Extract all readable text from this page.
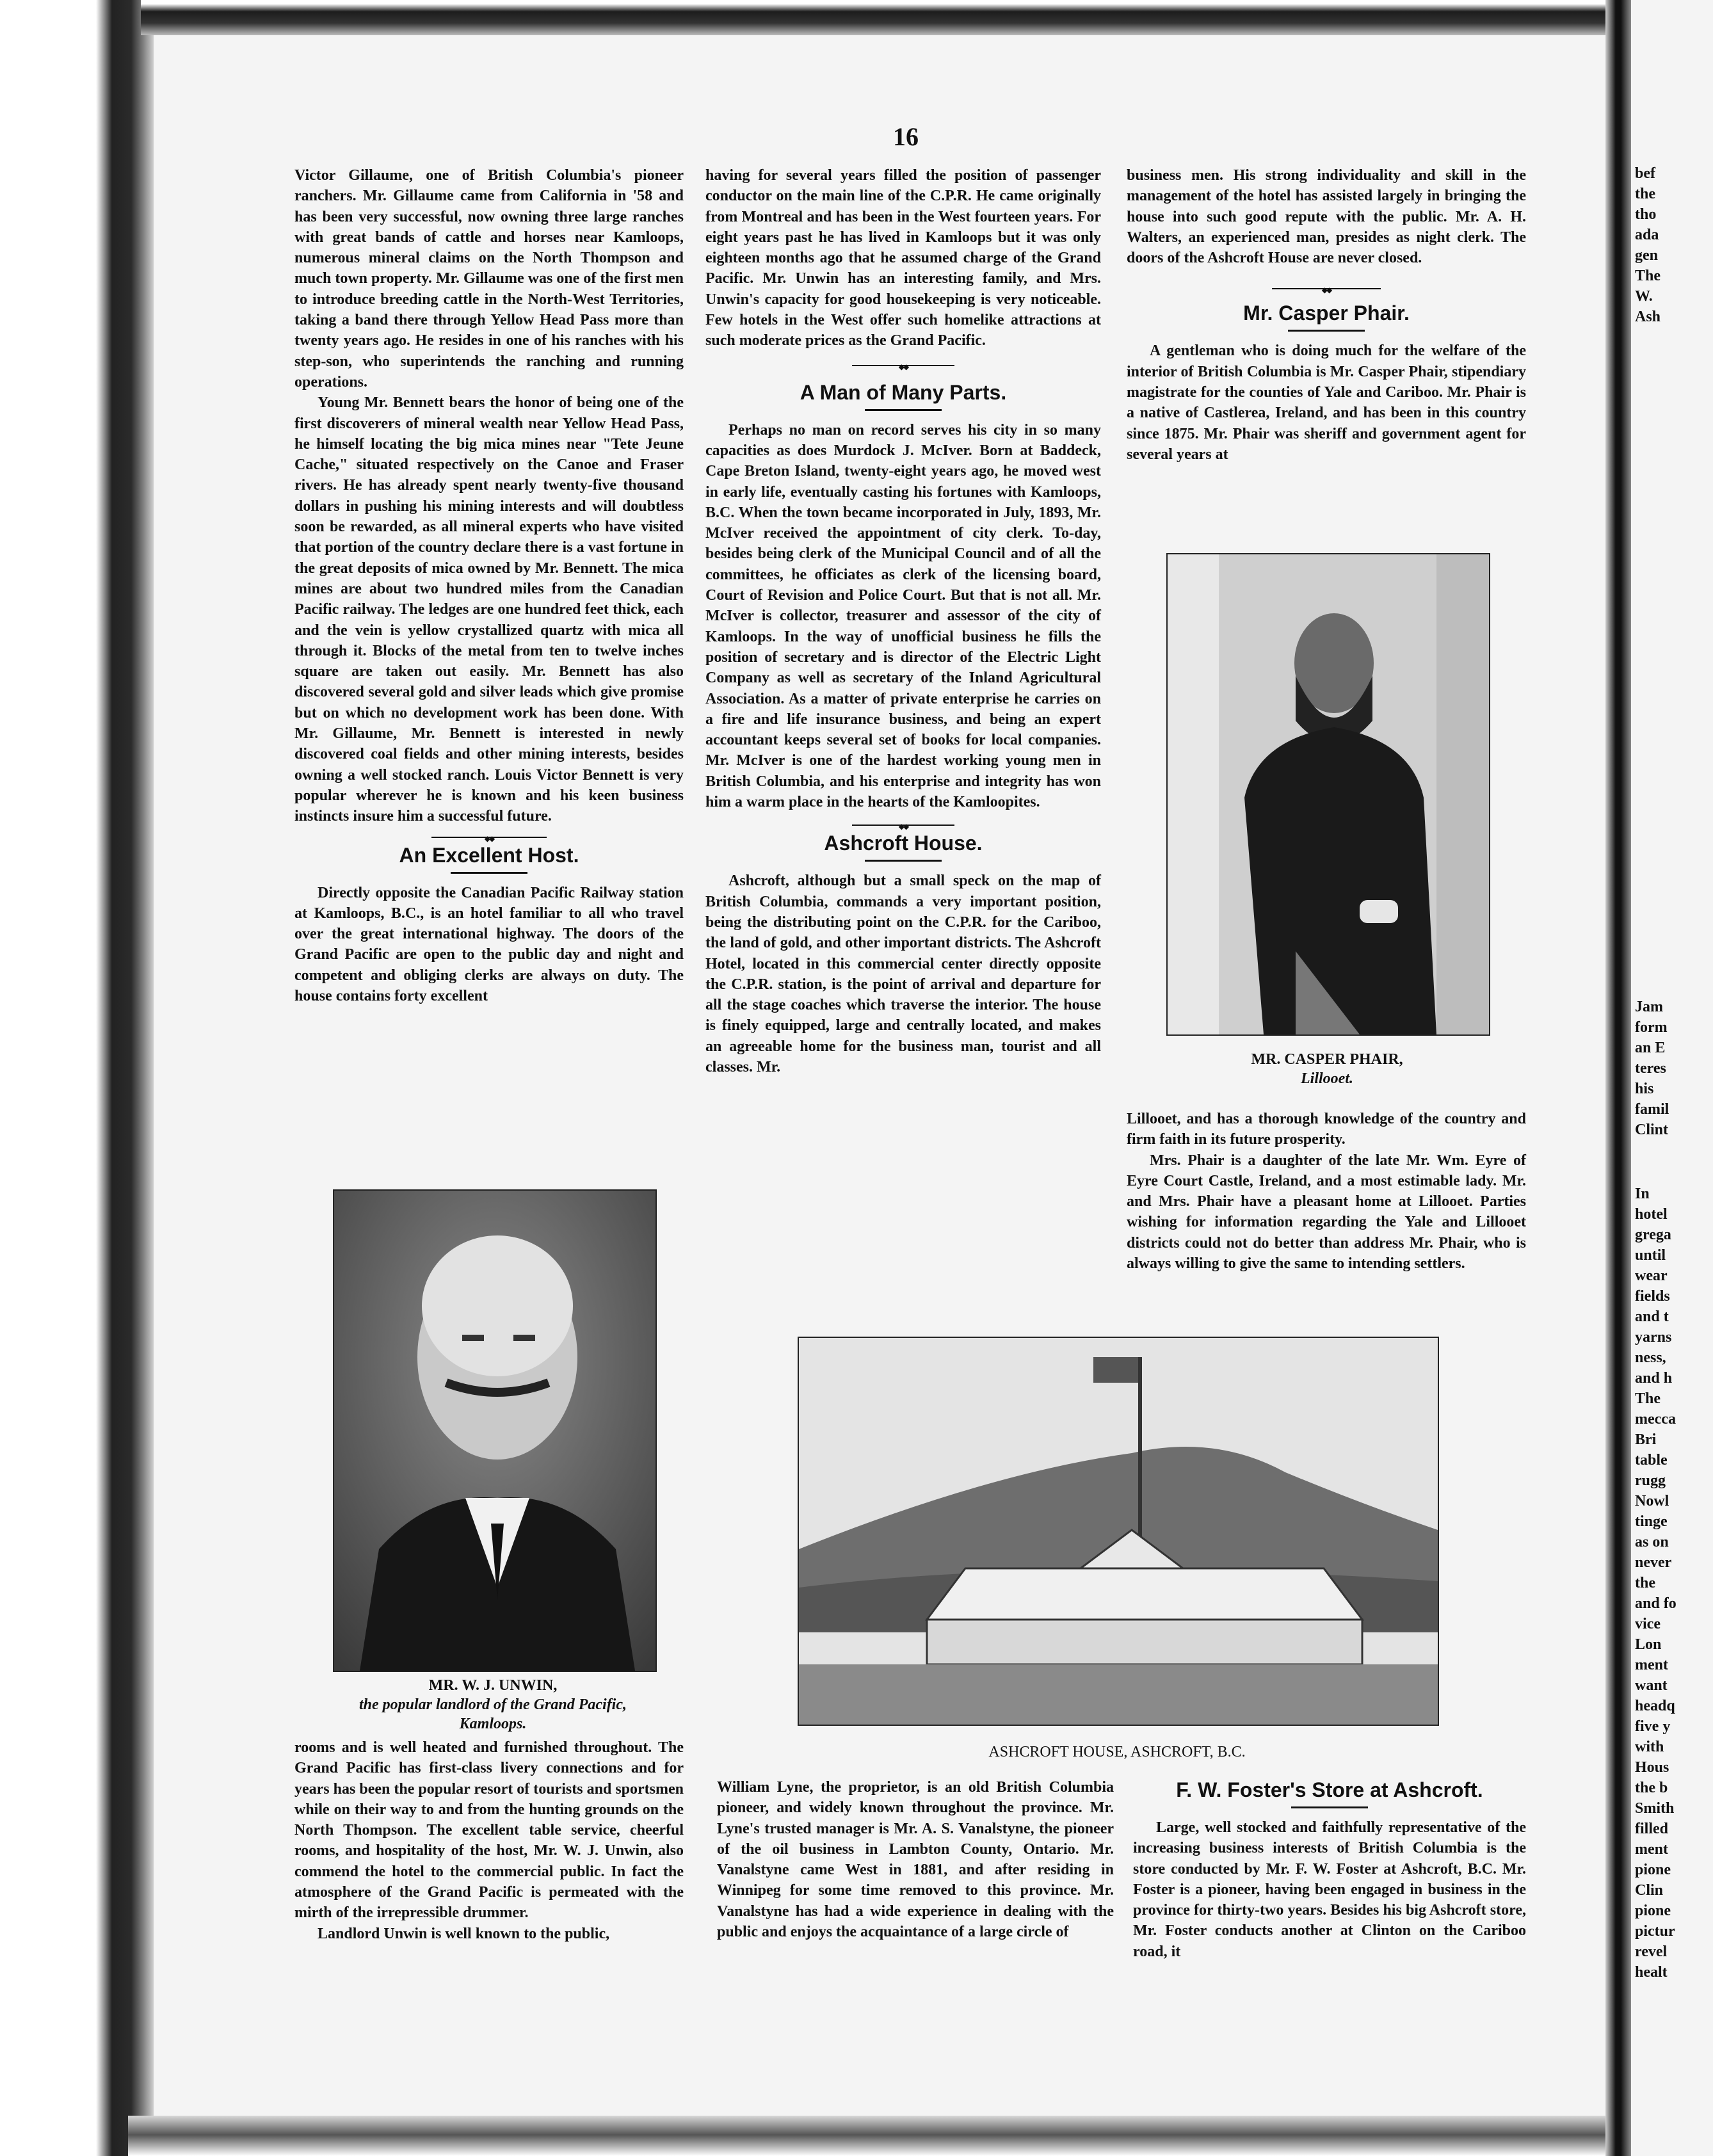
16

Victor Gillaume, one of British Columbia's pioneer ranchers. Mr. Gillaume came from California in '58 and has been very successful, now owning three large ranches with great bands of cattle and horses near Kamloops, numerous mineral claims on the North Thompson and much town property. Mr. Gillaume was one of the first men to introduce breeding cattle in the North-West Territories, taking a band there through Yellow Head Pass more than twenty years ago. He resides in one of his ranches with his step-son, who superintends the ranching and running operations.

Young Mr. Bennett bears the honor of being one of the first discoverers of mineral wealth near Yellow Head Pass, he himself locating the big mica mines near "Tete Jeune Cache," situated respectively on the Canoe and Fraser rivers. He has already spent nearly twenty-five thousand dollars in pushing his mining interests and will doubtless soon be rewarded, as all mineral experts who have visited that portion of the country declare there is a vast fortune in the great deposits of mica owned by Mr. Bennett. The mica mines are about two hundred miles from the Canadian Pacific railway. The ledges are one hundred feet thick, each and the vein is yellow crystallized quartz with mica all through it. Blocks of the metal from ten to twelve inches square are taken out easily. Mr. Bennett has also discovered several gold and silver leads which give promise but on which no development work has been done. With Mr. Gillaume, Mr. Bennett is interested in newly discovered coal fields and other mining interests, besides owning a well stocked ranch. Louis Victor Bennett is very popular wherever he is known and his keen business instincts insure him a successful future.

◆◆
An Excellent Host.

Directly opposite the Canadian Pacific Railway station at Kamloops, B.C., is an hotel familiar to all who travel over the great international highway. The doors of the Grand Pacific are open to the public day and night and competent and obliging clerks are always on duty. The house contains forty excellent

MR. W. J. UNWIN,
the popular landlord of the Grand Pacific,
Kamloops.

rooms and is well heated and furnished throughout. The Grand Pacific has first-class livery connections and for years has been the popular resort of tourists and sportsmen while on their way to and from the hunting grounds on the North Thompson. The excellent table service, cheerful rooms, and hospitality of the host, Mr. W. J. Unwin, also commend the hotel to the commercial public. In fact the atmosphere of the Grand Pacific is permeated with the mirth of the irrepressible drummer.

Landlord Unwin is well known to the public,

having for several years filled the position of passenger conductor on the main line of the C.P.R. He came originally from Montreal and has been in the West fourteen years. For eight years past he has lived in Kamloops but it was only eighteen months ago that he assumed charge of the Grand Pacific. Mr. Unwin has an interesting family, and Mrs. Unwin's capacity for good housekeeping is very noticeable. Few hotels in the West offer such homelike attractions at such moderate prices as the Grand Pacific.

◆◆
A Man of Many Parts.

Perhaps no man on record serves his city in so many capacities as does Murdock J. McIver. Born at Baddeck, Cape Breton Island, twenty-eight years ago, he moved west in early life, eventually casting his fortunes with Kamloops, B.C. When the town became incorporated in July, 1893, Mr. McIver received the appointment of city clerk. To-day, besides being clerk of the Municipal Council and of all the committees, he officiates as clerk of the licensing board, Court of Revision and Police Court. But that is not all. Mr. McIver is collector, treasurer and assessor of the city of Kamloops. In the way of unofficial business he fills the position of secretary and is director of the Electric Light Company as well as secretary of the Inland Agricultural Association. As a matter of private enterprise he carries on a fire and life insurance business, and being an expert accountant keeps several set of books for local companies. Mr. McIver is one of the hardest working young men in British Columbia, and his enterprise and integrity has won him a warm place in the hearts of the Kamloopites.

◆◆
Ashcroft House.

Ashcroft, although but a small speck on the map of British Columbia, commands a very important position, being the distributing point on the C.P.R. for the Cariboo, the land of gold, and other important districts. The Ashcroft Hotel, located in this commercial center directly opposite the C.P.R. station, is the point of arrival and departure for all the stage coaches which traverse the interior. The house is finely equipped, large and centrally located, and makes an agreeable home for the business man, tourist and all classes. Mr.

business men. His strong individuality and skill in the management of the hotel has assisted largely in bringing the house into such good repute with the public. Mr. A. H. Walters, an experienced man, presides as night clerk. The doors of the Ashcroft House are never closed.

◆◆
Mr. Casper Phair.

A gentleman who is doing much for the welfare of the interior of British Columbia is Mr. Casper Phair, stipendiary magistrate for the counties of Yale and Cariboo. Mr. Phair is a native of Castlerea, Ireland, and has been in this country since 1875. Mr. Phair was sheriff and government agent for several years at

MR. CASPER PHAIR,
Lillooet.

Lillooet, and has a thorough knowledge of the country and firm faith in its future prosperity.

Mrs. Phair is a daughter of the late Mr. Wm. Eyre of Eyre Court Castle, Ireland, and a most estimable lady. Mr. and Mrs. Phair have a pleasant home at Lillooet. Parties wishing for information regarding the Yale and Lillooet districts could not do better than address Mr. Phair, who is always willing to give the same to intending settlers.

ASHCROFT HOUSE, ASHCROFT, B.C.

William Lyne, the proprietor, is an old British Columbia pioneer, and widely known throughout the province. Mr. Lyne's trusted manager is Mr. A. S. Vanalstyne, the pioneer of the oil business in Lambton County, Ontario. Mr. Vanalstyne came West in 1881, and after residing in Winnipeg for some time removed to this province. Mr. Vanalstyne has had a wide experience in dealing with the public and enjoys the acquaintance of a large circle of

F. W. Foster's Store at Ashcroft.

Large, well stocked and faithfully representative of the increasing business interests of British Columbia is the store conducted by Mr. F. W. Foster at Ashcroft, B.C. Mr. Foster is a pioneer, having been engaged in business in the province for thirty-two years. Besides his big Ashcroft store, Mr. Foster conducts another at Clinton on the Cariboo road, it

bef
the
tho
ada
gen
The
W.
Ash
Jam
form
an E
teres
his
famil
Clint
In
hotel
grega
until
wear
fields
and t
yarns
ness,
and h
The
mecca
Bri
table
rugg
Nowl
tinge
as on
never
the
and fo
vice
Lon
ment
want
headq
five y
with
Hous
the b
Smith
filled
ment
pione
Clin
pione
pictur
revel
healt
